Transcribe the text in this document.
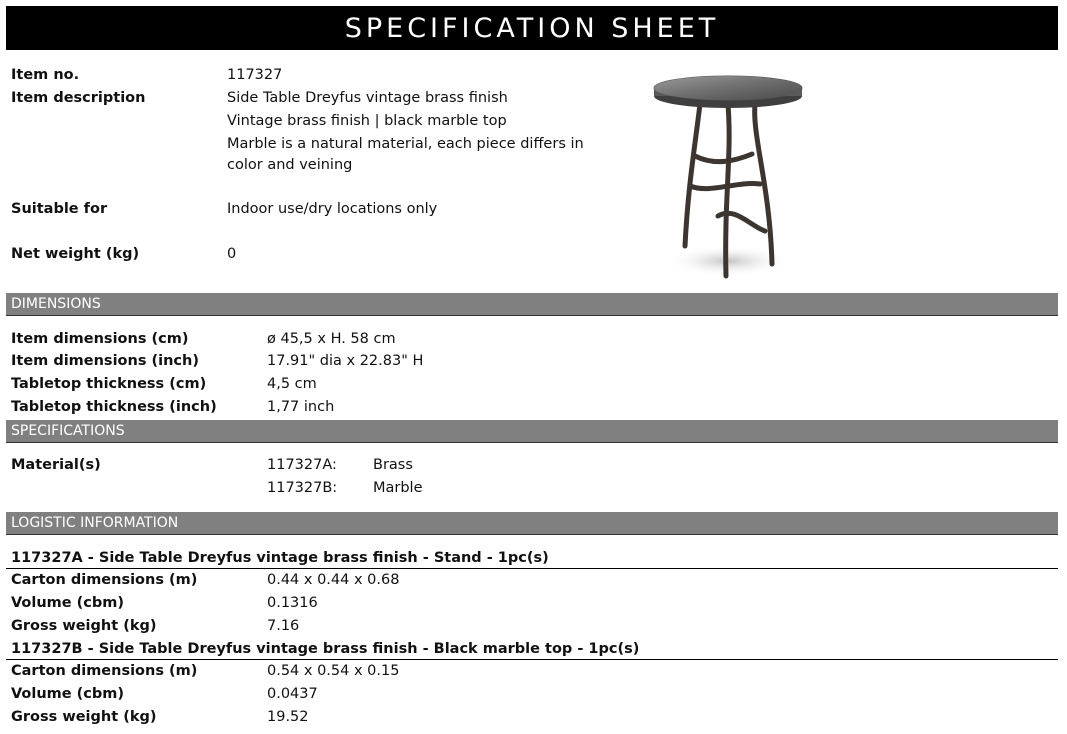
SPECIFICATION SHEET
Item no.	117327
Item description	Side Table Dreyfus vintage brass finish
Vintage brass finish | black marble top
Marble is a natural material, each piece differs in
color and veining
Suitable for	Indoor use/dry locations only
Net weight (kg)	0
DIMENSIONS
Item dimensions (cm)	ø 45,5 x H. 58 cm
Item dimensions (inch)	17.91" dia x 22.83" H
Tabletop thickness (cm)	4,5 cm
Tabletop thickness (inch)	1,77 inch
SPECIFICATIONS
Material(s)	117327A: Brass
117327B: Marble
LOGISTIC INFORMATION
117327A - Side Table Dreyfus vintage brass finish - Stand - 1pc(s)
Carton dimensions (m)	0.44 x 0.44 x 0.68
Volume (cbm)	0.1316
Gross weight (kg)	7.16
117327B - Side Table Dreyfus vintage brass finish - Black marble top - 1pc(s)
Carton dimensions (m)	0.54 x 0.54 x 0.15
Volume (cbm)	0.0437
Gross weight (kg)	19.52
